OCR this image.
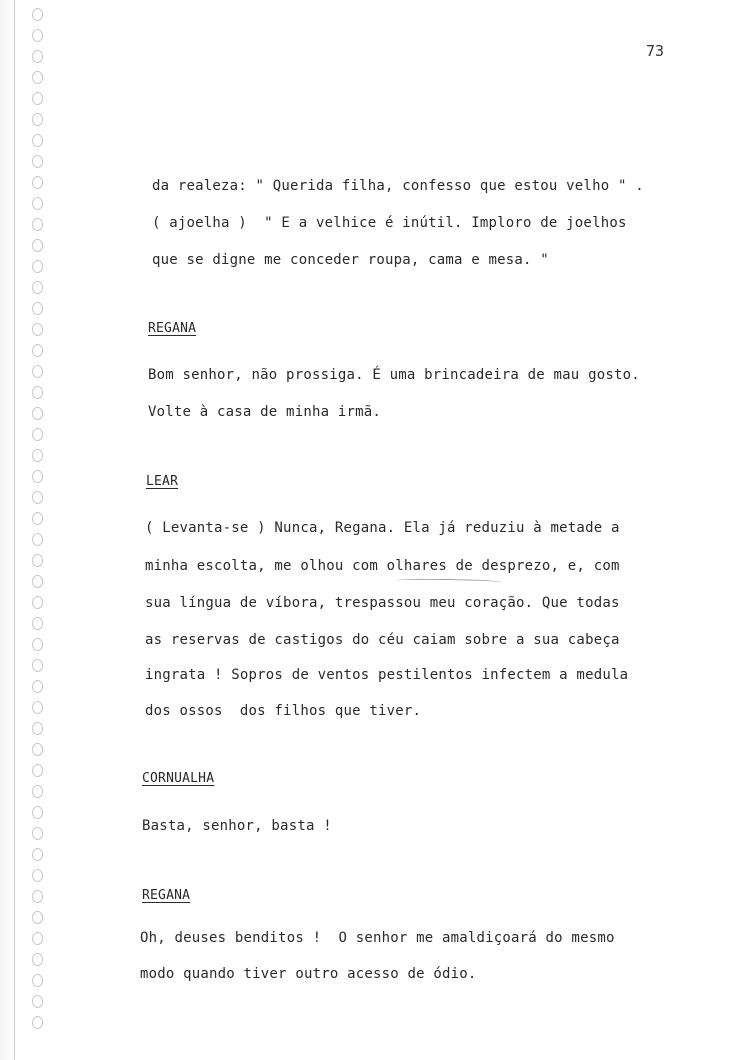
73
da realeza: " Querida filha, confesso que estou velho " .
( ajoelha )  " E a velhice é inútil. Imploro de joelhos
que se digne me conceder roupa, cama e mesa. "
REGANA
Bom senhor, não prossiga. É uma brincadeira de mau gosto.
Volte à casa de minha irmã.
LEAR
( Levanta-se ) Nunca, Regana. Ela já reduziu à metade a
minha escolta, me olhou com olhares de desprezo, e, com
sua língua de víbora, trespassou meu coração. Que todas
as reservas de castigos do céu caiam sobre a sua cabeça
ingrata ! Sopros de ventos pestilentos infectem a medula
dos ossos  dos filhos que tiver.
CORNUALHA
Basta, senhor, basta !
REGANA
Oh, deuses benditos !  O senhor me amaldiçoará do mesmo
modo quando tiver outro acesso de ódio.
